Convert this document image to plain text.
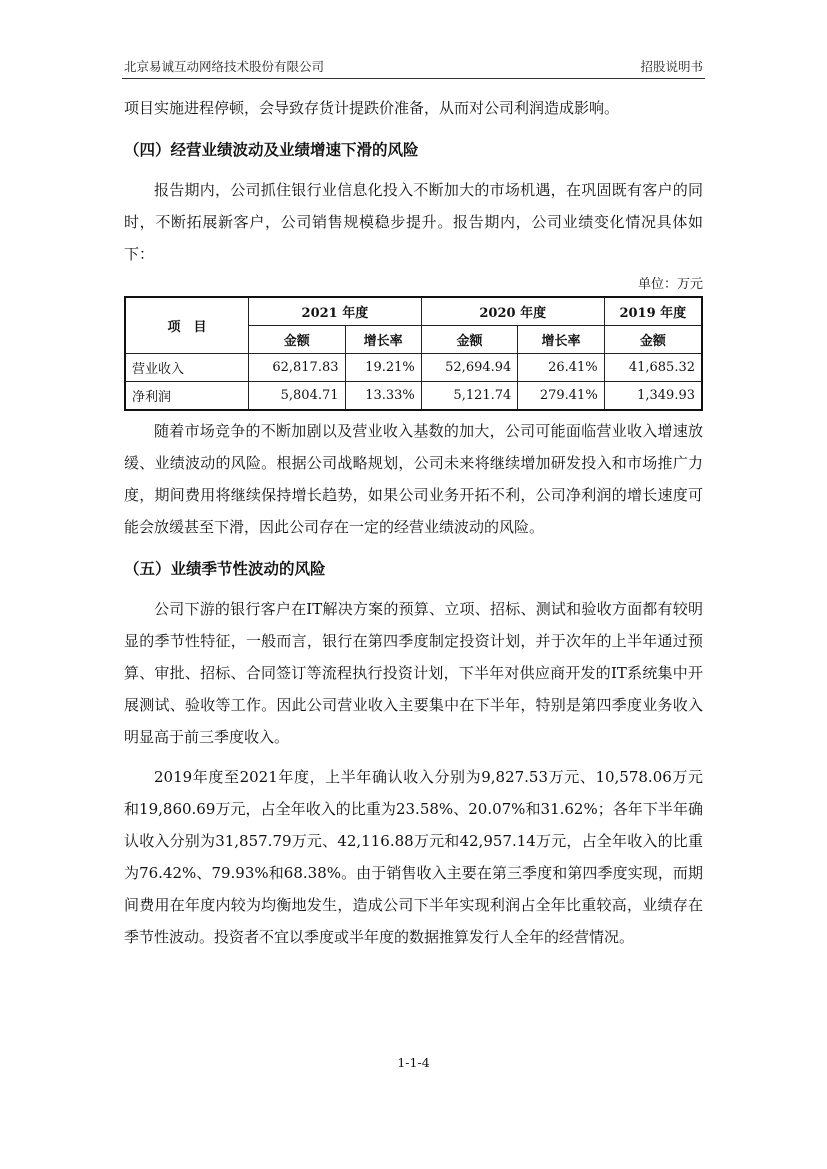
北京易诚互动网络技术股份有限公司	招股说明书

项目实施进程停顿，会导致存货计提跌价准备，从而对公司利润造成影响。

（四）经营业绩波动及业绩增速下滑的风险

报告期内，公司抓住银行业信息化投入不断加大的市场机遇，在巩固既有客户的同时，不断拓展新客户，公司销售规模稳步提升。报告期内，公司业绩变化情况具体如下：

单位：万元
项　目	2021 年度		2020 年度		2019 年度
	金额	增长率	金额	增长率	金额
营业收入	62,817.83	19.21%	52,694.94	26.41%	41,685.32
净利润	5,804.71	13.33%	5,121.74	279.41%	1,349.93

随着市场竞争的不断加剧以及营业收入基数的加大，公司可能面临营业收入增速放缓、业绩波动的风险。根据公司战略规划，公司未来将继续增加研发投入和市场推广力度，期间费用将继续保持增长趋势，如果公司业务开拓不利，公司净利润的增长速度可能会放缓甚至下滑，因此公司存在一定的经营业绩波动的风险。

（五）业绩季节性波动的风险

公司下游的银行客户在IT解决方案的预算、立项、招标、测试和验收方面都有较明显的季节性特征，一般而言，银行在第四季度制定投资计划，并于次年的上半年通过预算、审批、招标、合同签订等流程执行投资计划，下半年对供应商开发的IT系统集中开展测试、验收等工作。因此公司营业收入主要集中在下半年，特别是第四季度业务收入明显高于前三季度收入。

2019年度至2021年度，上半年确认收入分别为9,827.53万元、10,578.06万元和19,860.69万元，占全年收入的比重为23.58%、20.07%和31.62%；各年下半年确认收入分别为31,857.79万元、42,116.88万元和42,957.14万元，占全年收入的比重为76.42%、79.93%和68.38%。由于销售收入主要在第三季度和第四季度实现，而期间费用在年度内较为均衡地发生，造成公司下半年实现利润占全年比重较高，业绩存在季节性波动。投资者不宜以季度或半年度的数据推算发行人全年的经营情况。

1-1-4
